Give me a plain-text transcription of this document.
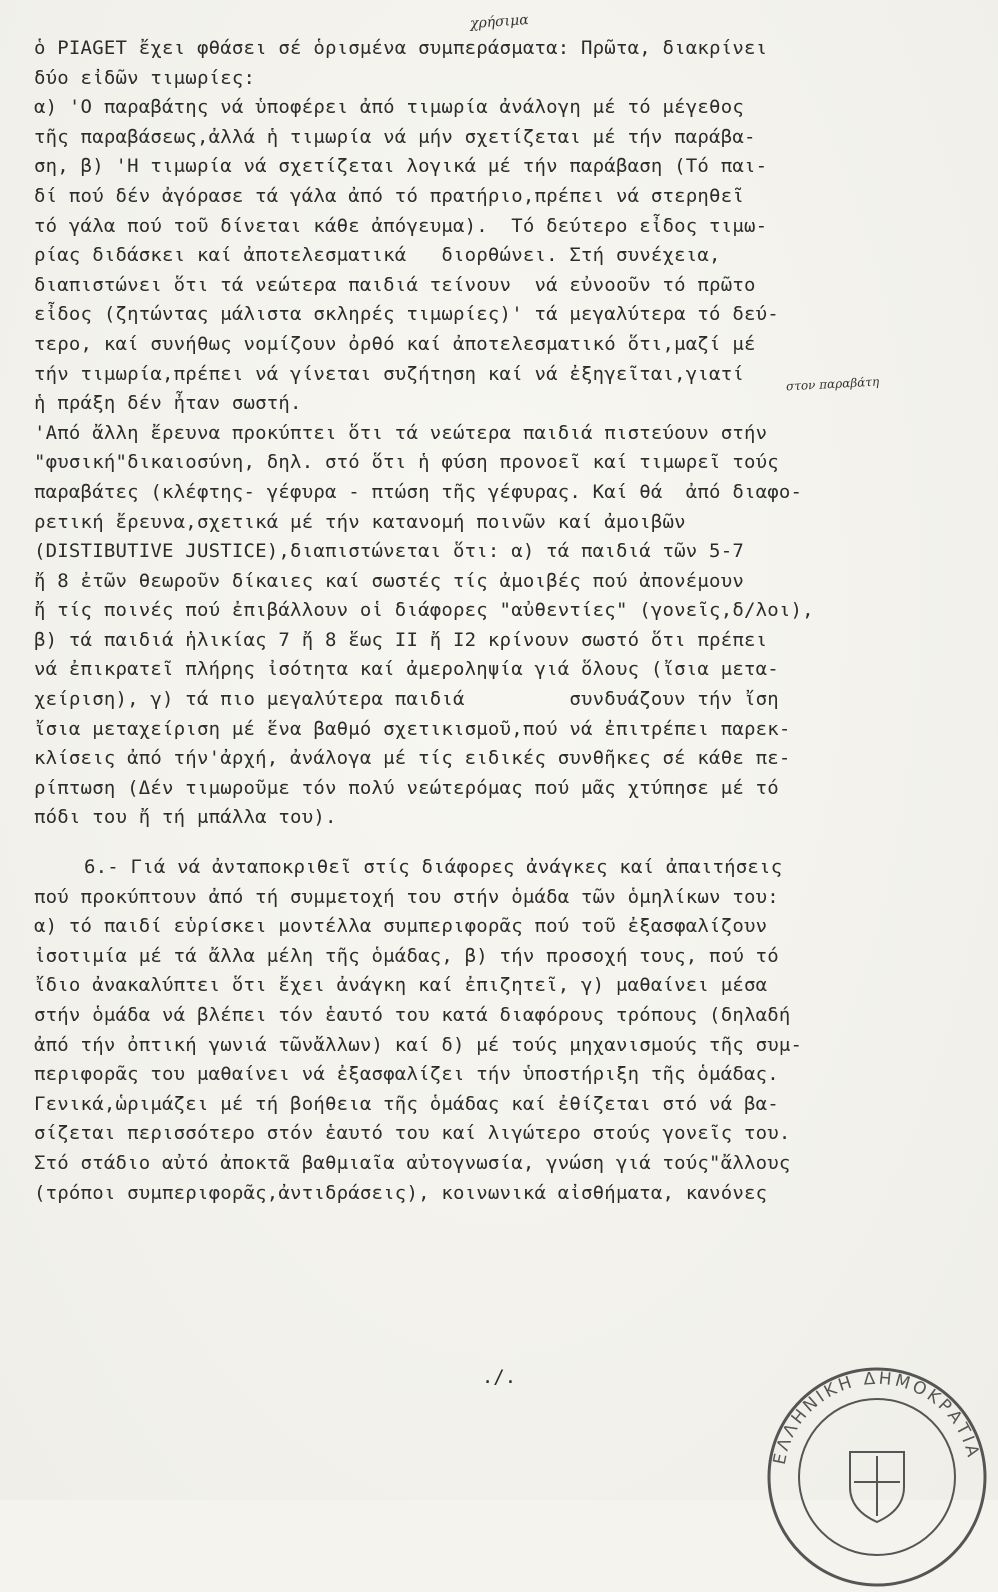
χρήσιμα
στον παραβάτη
ὁ PIAGET ἔχει φθάσει σέ ὁρισμένα συμπεράσματα: Πρῶτα, διακρίνει
δύο εἰδῶν τιμωρίες:
α) 'Ο παραβάτης νά ὑποφέρει ἀπό τιμωρία ἀνάλογη μέ τό μέγεθος
τῆς παραβάσεως,ἀλλά ἡ τιμωρία νά μήν σχετίζεται μέ τήν παράβα-
ση, β) 'Η τιμωρία νά σχετίζεται λογικά μέ τήν παράβαση (Τό παι-
δί πού δέν ἀγόρασε τά γάλα ἀπό τό πρατήριο,πρέπει νά στερηθεῖ
τό γάλα πού τοῦ δίνεται κάθε ἀπόγευμα).  Τό δεύτερο εἶδος τιμω-
ρίας διδάσκει καί ἀποτελεσματικά   διορθώνει. Στή συνέχεια,
διαπιστώνει ὅτι τά νεώτερα παιδιά τείνουν  νά εὐνοοῦν τό πρῶτο
εἶδος (ζητώντας μάλιστα σκληρές τιμωρίες)' τά μεγαλύτερα τό δεύ-
τερο, καί συνήθως νομίζουν ὀρθό καί ἀποτελεσματικό ὅτι,μαζί μέ
τήν τιμωρία,πρέπει νά γίνεται συζήτηση καί νά ἐξηγεῖται,γιατί
ἡ πράξη δέν ἦταν σωστή.
'Από ἄλλη ἔρευνα προκύπτει ὅτι τά νεώτερα παιδιά πιστεύουν στήν
"φυσική"δικαιοσύνη, δηλ. στό ὅτι ἡ φύση προνοεῖ καί τιμωρεῖ τούς
παραβάτες (κλέφτης- γέφυρα - πτώση τῆς γέφυρας. Καί θά  ἀπό διαφο-
ρετική ἔρευνα,σχετικά μέ τήν κατανομή ποινῶν καί ἀμοιβῶν
(DISTIBUTIVE JUSTICE),διαπιστώνεται ὅτι: α) τά παιδιά τῶν 5-7
ἤ 8 ἐτῶν θεωροῦν δίκαιες καί σωστές τίς ἀμοιβές πού ἀπονέμουν
ἤ τίς ποινές πού ἐπιβάλλουν οἱ διάφορες "αὐθεντίες" (γονεῖς,δ/λοι),
β) τά παιδιά ἡλικίας 7 ἤ 8 ἕως II ἤ I2 κρίνουν σωστό ὅτι πρέπει
νά ἐπικρατεῖ πλήρης ἰσότητα καί ἀμεροληψία γιά ὅλους (ἴσια μετα-
χείριση), γ) τά πιο μεγαλύτερα παιδιά         συνδυάζουν τήν ἴση
ἴσια μεταχείριση μέ ἕνα βαθμό σχετικισμοῦ,πού νά ἐπιτρέπει παρεκ-
κλίσεις ἀπό τήν'ἀρχή, ἀνάλογα μέ τίς ειδικές συνθῆκες σέ κάθε πε-
ρίπτωση (Δέν τιμωροῦμε τόν πολύ νεώτερόμας πού μᾶς χτύπησε μέ τό
πόδι του ἤ τή μπάλλα του).
6.- Γιά νά ἀνταποκριθεῖ στίς διάφορες ἀνάγκες καί ἀπαιτήσεις
πού προκύπτουν ἀπό τή συμμετοχή του στήν ὁμάδα τῶν ὁμηλίκων του:
α) τό παιδί εὑρίσκει μοντέλλα συμπεριφορᾶς πού τοῦ ἐξασφαλίζουν
ἰσοτιμία μέ τά ἄλλα μέλη τῆς ὁμάδας, β) τήν προσοχή τους, πού τό
ἴδιο ἀνακαλύπτει ὅτι ἔχει ἀνάγκη καί ἐπιζητεῖ, γ) μαθαίνει μέσα
στήν ὁμάδα νά βλέπει τόν ἑαυτό του κατά διαφόρους τρόπους (δηλαδή
ἀπό τήν ὀπτική γωνιά τῶνἄλλων) καί δ) μέ τούς μηχανισμούς τῆς συμ-
περιφορᾶς του μαθαίνει νά ἐξασφαλίζει τήν ὑποστήριξη τῆς ὁμάδας.
Γενικά,ὡριμάζει μέ τή βοήθεια τῆς ὁμάδας καί ἐθίζεται στό νά βα-
σίζεται περισσότερο στόν ἑαυτό του καί λιγώτερο στούς γονεῖς του.
Στό στάδιο αὐτό ἀποκτᾶ βαθμιαῖα αὐτογνωσία, γνώση γιά τούς"ἄλλους
(τρόποι συμπεριφορᾶς,ἀντιδράσεις), κοινωνικά αἰσθήματα, κανόνες
./.
ΕΛΛΗΝΙΚΗ ΔΗΜΟΚΡΑΤΙΑ
